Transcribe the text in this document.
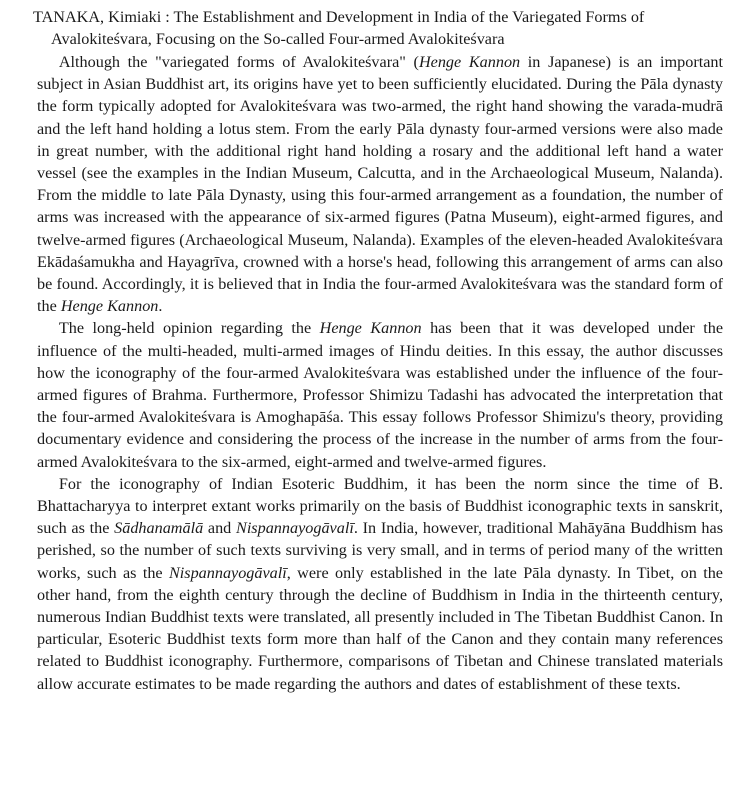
TANAKA, Kimiaki : The Establishment and Development in India of the Variegated Forms of Avalokiteśvara, Focusing on the So-called Four-armed Avalokiteśvara

Although the "variegated forms of Avalokiteśvara" (Henge Kannon in Japanese) is an important subject in Asian Buddhist art, its origins have yet to been sufficiently elucidated. During the Pāla dynasty the form typically adopted for Avalokiteśvara was two-armed, the right hand showing the varada-mudrā and the left hand holding a lotus stem. From the early Pāla dynasty four-armed versions were also made in great number, with the additional right hand holding a rosary and the additional left hand a water vessel (see the examples in the Indian Museum, Calcutta, and in the Archaeological Museum, Nalanda). From the middle to late Pāla Dynasty, using this four-armed arrangement as a foundation, the number of arms was increased with the appearance of six-armed figures (Patna Museum), eight-armed figures, and twelve-armed figures (Archaeological Museum, Nalanda). Examples of the eleven-headed Avalokiteśvara Ekādaśamukha and Hayagrīva, crowned with a horse's head, following this arrangement of arms can also be found. Accordingly, it is believed that in India the four-armed Avalokiteśvara was the standard form of the Henge Kannon.

The long-held opinion regarding the Henge Kannon has been that it was developed under the influence of the multi-headed, multi-armed images of Hindu deities. In this essay, the author discusses how the iconography of the four-armed Avalokiteśvara was established under the influence of the four-armed figures of Brahma. Furthermore, Professor Shimizu Tadashi has advocated the interpretation that the four-armed Avalokiteśvara is Amoghapāśa. This essay follows Professor Shimizu's theory, providing documentary evidence and considering the process of the increase in the number of arms from the four-armed Avalokiteśvara to the six-armed, eight-armed and twelve-armed figures.

For the iconography of Indian Esoteric Buddhim, it has been the norm since the time of B. Bhattacharyya to interpret extant works primarily on the basis of Buddhist iconographic texts in sanskrit, such as the Sādhanamālā and Nispannayogāvalī. In India, however, traditional Mahāyāna Buddhism has perished, so the number of such texts surviving is very small, and in terms of period many of the written works, such as the Nispannayogāvalī, were only established in the late Pāla dynasty. In Tibet, on the other hand, from the eighth century through the decline of Buddhism in India in the thirteenth century, numerous Indian Buddhist texts were translated, all presently included in The Tibetan Buddhist Canon. In particular, Esoteric Buddhist texts form more than half of the Canon and they contain many references related to Buddhist iconography. Furthermore, comparisons of Tibetan and Chinese translated materials allow accurate estimates to be made regarding the authors and dates of establishment of these texts.
